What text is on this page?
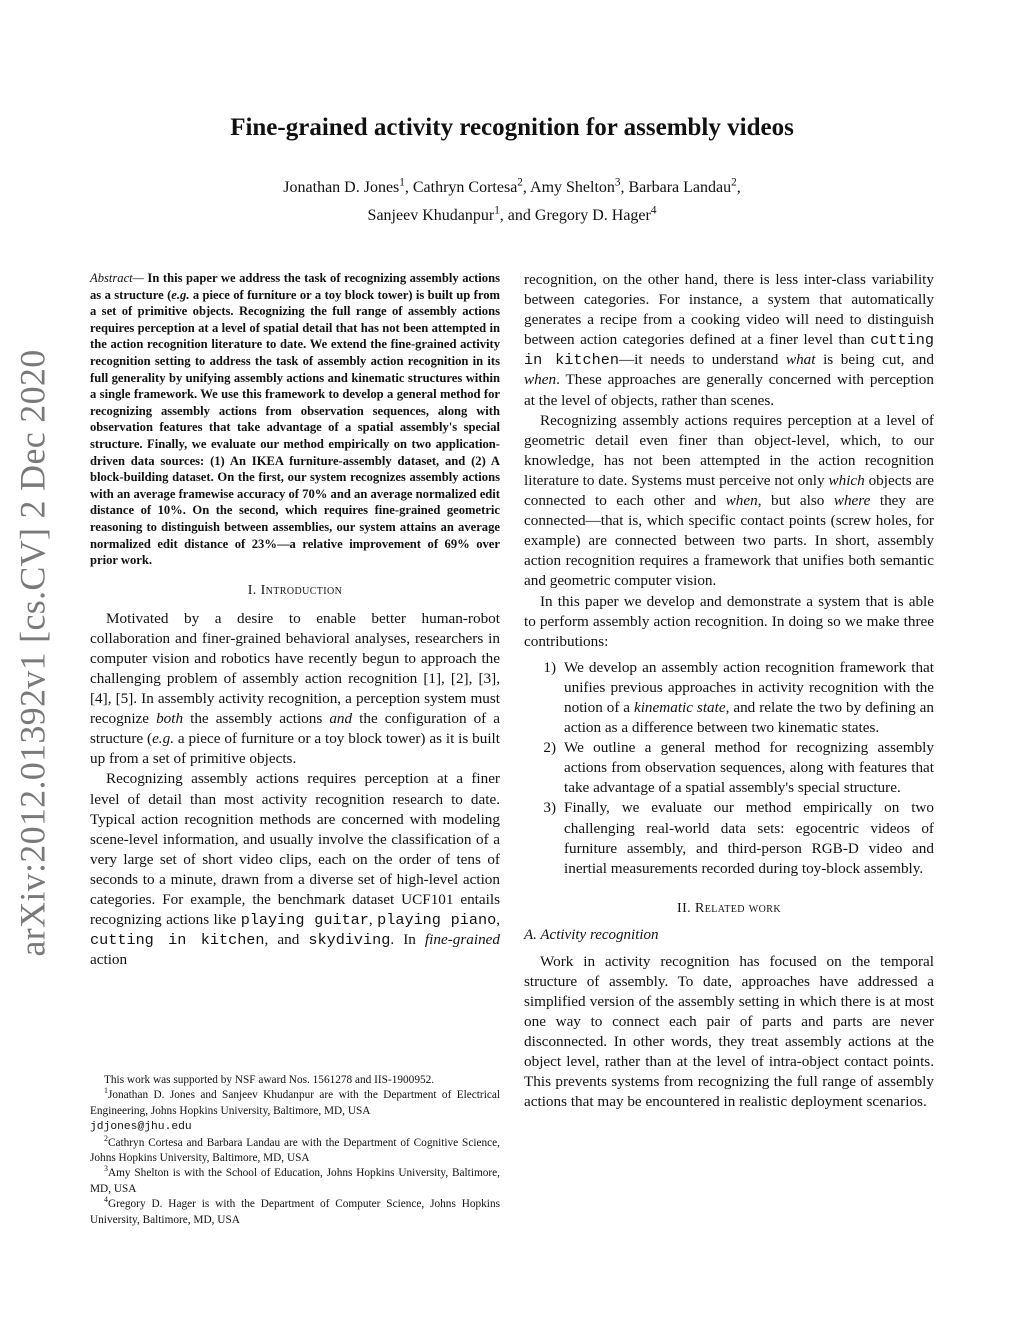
arXiv:2012.01392v1 [cs.CV] 2 Dec 2020
Fine-grained activity recognition for assembly videos
Jonathan D. Jones$^1$, Cathryn Cortesa$^2$, Amy Shelton$^3$, Barbara Landau$^2$,
Sanjeev Khudanpur$^1$, and Gregory D. Hager$^4$

Abstract— In this paper we address the task of recognizing assembly actions as a structure (e.g. a piece of furniture or a toy block tower) is built up from a set of primitive objects. Recognizing the full range of assembly actions requires perception at a level of spatial detail that has not been attempted in the action recognition literature to date. We extend the fine-grained activity recognition setting to address the task of assembly action recognition in its full generality by unifying assembly actions and kinematic structures within a single framework. We use this framework to develop a general method for recognizing assembly actions from observation sequences, along with observation features that take advantage of a spatial assembly's special structure. Finally, we evaluate our method empirically on two application-driven data sources: (1) An IKEA furniture-assembly dataset, and (2) A block-building dataset. On the first, our system recognizes assembly actions with an average framewise accuracy of 70% and an average normalized edit distance of 10%. On the second, which requires fine-grained geometric reasoning to distinguish between assemblies, our system attains an average normalized edit distance of 23%—a relative improvement of 69% over prior work.

I. Introduction

Motivated by a desire to enable better human-robot collaboration and finer-grained behavioral analyses, researchers in computer vision and robotics have recently begun to approach the challenging problem of assembly action recognition [1], [2], [3], [4], [5]. In assembly activity recognition, a perception system must recognize both the assembly actions and the configuration of a structure (e.g. a piece of furniture or a toy block tower) as it is built up from a set of primitive objects.

Recognizing assembly actions requires perception at a finer level of detail than most activity recognition research to date. Typical action recognition methods are concerned with modeling scene-level information, and usually involve the classification of a very large set of short video clips, each on the order of tens of seconds to a minute, drawn from a diverse set of high-level action categories. For example, the benchmark dataset UCF101 entails recognizing actions like playing guitar, playing piano, cutting in kitchen, and skydiving. In fine-grained action

This work was supported by NSF award Nos. 1561278 and IIS-1900952.

$^1$Jonathan D. Jones and Sanjeev Khudanpur are with the Department of Electrical Engineering, Johns Hopkins University, Baltimore, MD, USA
jdjones@jhu.edu

$^2$Cathryn Cortesa and Barbara Landau are with the Department of Cognitive Science, Johns Hopkins University, Baltimore, MD, USA

$^3$Amy Shelton is with the School of Education, Johns Hopkins University, Baltimore, MD, USA

$^4$Gregory D. Hager is with the Department of Computer Science, Johns Hopkins University, Baltimore, MD, USA

recognition, on the other hand, there is less inter-class variability between categories. For instance, a system that automatically generates a recipe from a cooking video will need to distinguish between action categories defined at a finer level than cutting in kitchen—it needs to understand what is being cut, and when. These approaches are generally concerned with perception at the level of objects, rather than scenes.

Recognizing assembly actions requires perception at a level of geometric detail even finer than object-level, which, to our knowledge, has not been attempted in the action recognition literature to date. Systems must perceive not only which objects are connected to each other and when, but also where they are connected—that is, which specific contact points (screw holes, for example) are connected between two parts. In short, assembly action recognition requires a framework that unifies both semantic and geometric computer vision.

In this paper we develop and demonstrate a system that is able to perform assembly action recognition. In doing so we make three contributions:

1) We develop an assembly action recognition framework that unifies previous approaches in activity recognition with the notion of a kinematic state, and relate the two by defining an action as a difference between two kinematic states.
2) We outline a general method for recognizing assembly actions from observation sequences, along with features that take advantage of a spatial assembly's special structure.
3) Finally, we evaluate our method empirically on two challenging real-world data sets: egocentric videos of furniture assembly, and third-person RGB-D video and inertial measurements recorded during toy-block assembly.
II. Related work
A. Activity recognition

Work in activity recognition has focused on the temporal structure of assembly. To date, approaches have addressed a simplified version of the assembly setting in which there is at most one way to connect each pair of parts and parts are never disconnected. In other words, they treat assembly actions at the object level, rather than at the level of intra-object contact points. This prevents systems from recognizing the full range of assembly actions that may be encountered in realistic deployment scenarios.
